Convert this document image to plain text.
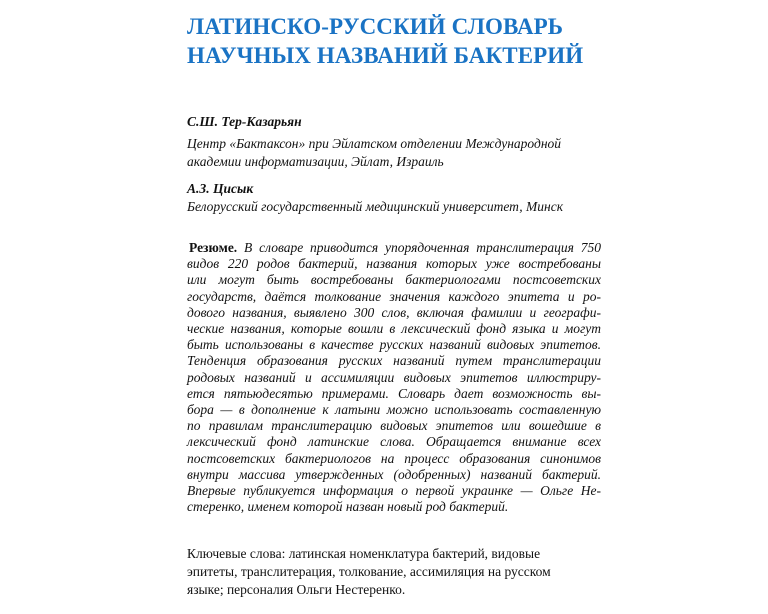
ЛАТИНСКО-РУССКИЙ СЛОВАРЬ
НАУЧНЫХ НАЗВАНИЙ БАКТЕРИЙ
С.Ш. Тер-Казарьян
Центр «Бактаксон» при Эйлатском отделении Международной
академии информатизации, Эйлат, Израиль
А.З. Цисык
Белорусский государственный медицинский университет, Минск
Резюме. В словаре приводится упорядоченная транслитерация 750
видов 220 родов бактерий, названия которых уже востребованы
или могут быть востребованы бактериологами постсоветских
государств, даётся толкование значения каждого эпитета и ро-
дового названия, выявлено 300 слов, включая фамилии и географи-
ческие названия, которые вошли в лексический фонд языка и могут
быть использованы в качестве русских названий видовых эпитетов.
Тенденция образования русских названий путем транслитерации
родовых названий и ассимиляции видовых эпитетов иллюстриру-
ется пятьюдесятью примерами. Словарь дает возможность вы-
бора — в дополнение к латыни можно использовать составленную
по правилам транслитерацию видовых эпитетов или вошедшие в
лексический фонд латинские слова. Обращается внимание всех
постсоветских бактериологов на процесс образования синонимов
внутри массива утвержденных (одобренных) названий бактерий.
Впервые публикуется информация о первой украинке — Ольге Не-
стеренко, именем которой назван новый род бактерий.
Ключевые слова: латинская номенклатура бактерий, видовые
эпитеты, транслитерация, толкование, ассимиляция на русском
языке; персоналия Ольги Нестеренко.
